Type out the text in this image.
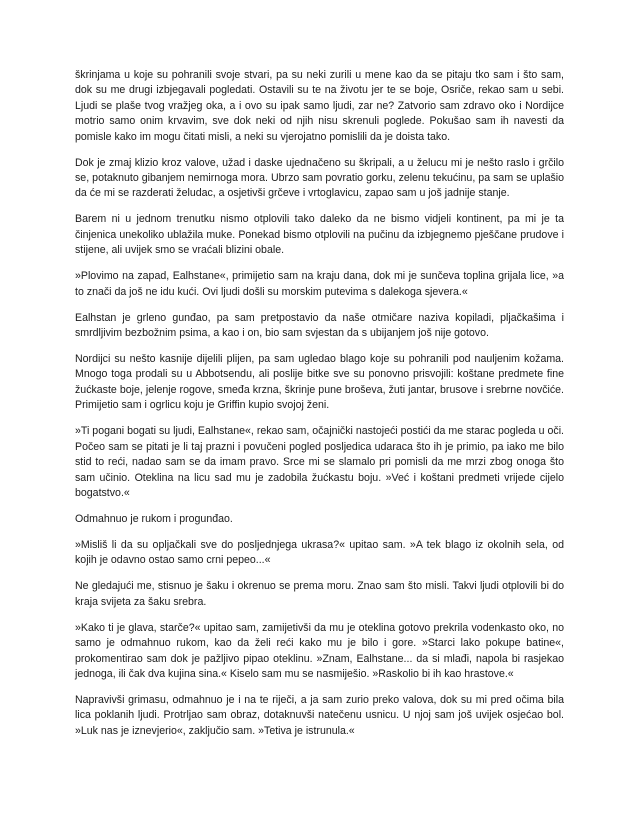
škrinjama u koje su pohranili svoje stvari, pa su neki zurili u mene kao da se pitaju tko sam i što sam, dok su me drugi izbjegavali pogledati. Ostavili su te na životu jer te se boje, Osriče, rekao sam u sebi. Ljudi se plaše tvog vražjeg oka, a i ovo su ipak samo ljudi, zar ne? Zatvorio sam zdravo oko i Nordijce motrio samo onim krvavim, sve dok neki od njih nisu skrenuli poglede. Pokušao sam ih navesti da pomisle kako im mogu čitati misli, a neki su vjerojatno pomislili da je doista tako.

Dok je zmaj klizio kroz valove, užad i daske ujednačeno su škripali, a u želucu mi je nešto raslo i grčilo se, potaknuto gibanjem nemirnoga mora. Ubrzo sam povratio gorku, zelenu tekućinu, pa sam se uplašio da će mi se razderati želudac, a osjetivši grčeve i vrtoglavicu, zapao sam u još jadnije stanje.

Barem ni u jednom trenutku nismo otplovili tako daleko da ne bismo vidjeli kontinent, pa mi je ta činjenica unekoliko ublažila muke. Ponekad bismo otplovili na pučinu da izbjegnemo pješčane prudove i stijene, ali uvijek smo se vraćali blizini obale.

»Plovimo na zapad, Ealhstane«, primijetio sam na kraju dana, dok mi je sunčeva toplina grijala lice, »a to znači da još ne idu kući. Ovi ljudi došli su morskim putevima s dalekoga sjevera.«

Ealhstan je grleno gunđao, pa sam pretpostavio da naše otmičare naziva kopiladi, pljačkašima i smrdljivim bezbožnim psima, a kao i on, bio sam svjestan da s ubijanjem još nije gotovo.

Nordijci su nešto kasnije dijelili plijen, pa sam ugledao blago koje su pohranili pod nauljenim kožama. Mnogo toga prodali su u Abbotsendu, ali poslije bitke sve su ponovno prisvojili: koštane predmete fine žućkaste boje, jelenje rogove, smeđa krzna, škrinje pune broševa, žuti jantar, brusove i srebrne novčiće. Primijetio sam i ogrlicu koju je Griffin kupio svojoj ženi.

»Ti pogani bogati su ljudi, Ealhstane«, rekao sam, očajnički nastojeći postići da me starac pogleda u oči. Počeo sam se pitati je li taj prazni i povučeni pogled posljedica udaraca što ih je primio, pa iako me bilo stid to reći, nadao sam se da imam pravo. Srce mi se slamalo pri pomisli da me mrzi zbog onoga što sam učinio. Oteklina na licu sad mu je zadobila žućkastu boju. »Već i koštani predmeti vrijede cijelo bogatstvo.«

Odmahnuo je rukom i progunđao.

»Misliš li da su opljačkali sve do posljednjega ukrasa?« upitao sam. »A tek blago iz okolnih sela, od kojih je odavno ostao samo crni pepeo...«

Ne gledajući me, stisnuo je šaku i okrenuo se prema moru. Znao sam što misli. Takvi ljudi otplovili bi do kraja svijeta za šaku srebra.

»Kako ti je glava, starče?« upitao sam, zamijetivši da mu je oteklina gotovo prekrila vodenkasto oko, no samo je odmahnuo rukom, kao da želi reći kako mu je bilo i gore. »Starci lako pokupe batine«, prokomentirao sam dok je pažljivo pipao oteklinu. »Znam, Ealhstane... da si mlađi, napola bi rasjekao jednoga, ili čak dva kujina sina.« Kiselo sam mu se nasmiješio. »Raskolio bi ih kao hrastove.«

Napravivši grimasu, odmahnuo je i na te riječi, a ja sam zurio preko valova, dok su mi pred očima bila lica poklanih ljudi. Protrljao sam obraz, dotaknuvši natečenu usnicu. U njoj sam još uvijek osjećao bol. »Luk nas je iznevjerio«, zaključio sam. »Tetiva je istrunula.«
